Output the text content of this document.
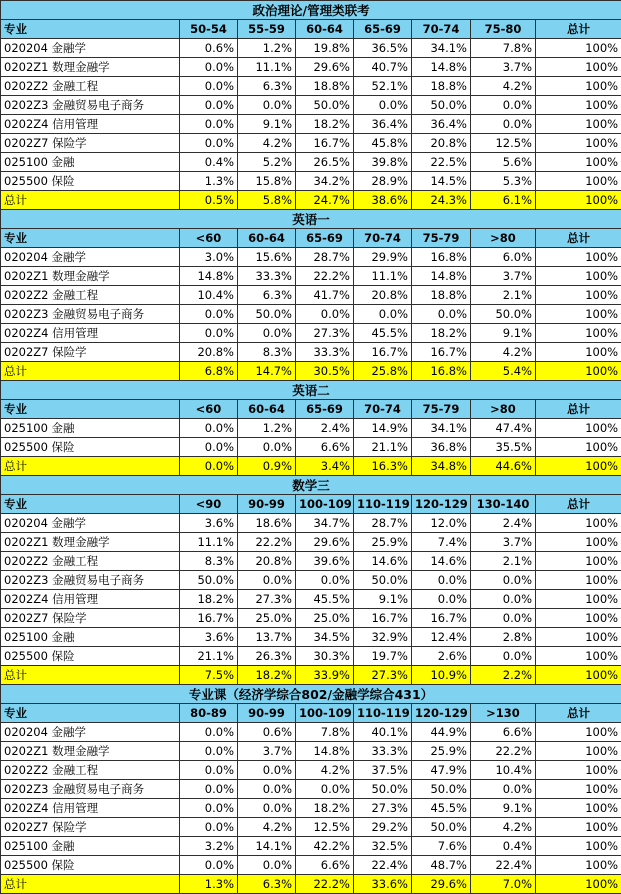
政治理论/管理类联考							
专业	50-54	55-59	60-64	65-69	70-74	75-80	总计
020204 金融学	0.6%	1.2%	19.8%	36.5%	34.1%	7.8%	100%
0202Z1 数理金融学	0.0%	11.1%	29.6%	40.7%	14.8%	3.7%	100%
0202Z2 金融工程	0.0%	6.3%	18.8%	52.1%	18.8%	4.2%	100%
0202Z3 金融贸易电子商务	0.0%	0.0%	50.0%	0.0%	50.0%	0.0%	100%
0202Z4 信用管理	0.0%	9.1%	18.2%	36.4%	36.4%	0.0%	100%
0202Z7 保险学	0.0%	4.2%	16.7%	45.8%	20.8%	12.5%	100%
025100 金融	0.4%	5.2%	26.5%	39.8%	22.5%	5.6%	100%
025500 保险	1.3%	15.8%	34.2%	28.9%	14.5%	5.3%	100%
总计	0.5%	5.8%	24.7%	38.6%	24.3%	6.1%	100%
英语一							
专业	<60	60-64	65-69	70-74	75-79	>80	总计
020204 金融学	3.0%	15.6%	28.7%	29.9%	16.8%	6.0%	100%
0202Z1 数理金融学	14.8%	33.3%	22.2%	11.1%	14.8%	3.7%	100%
0202Z2 金融工程	10.4%	6.3%	41.7%	20.8%	18.8%	2.1%	100%
0202Z3 金融贸易电子商务	0.0%	50.0%	0.0%	0.0%	0.0%	50.0%	100%
0202Z4 信用管理	0.0%	0.0%	27.3%	45.5%	18.2%	9.1%	100%
0202Z7 保险学	20.8%	8.3%	33.3%	16.7%	16.7%	4.2%	100%
总计	6.8%	14.7%	30.5%	25.8%	16.8%	5.4%	100%
英语二							
专业	<60	60-64	65-69	70-74	75-79	>80	总计
025100 金融	0.0%	1.2%	2.4%	14.9%	34.1%	47.4%	100%
025500 保险	0.0%	0.0%	6.6%	21.1%	36.8%	35.5%	100%
总计	0.0%	0.9%	3.4%	16.3%	34.8%	44.6%	100%
数学三							
专业	<90	90-99	100-109	110-119	120-129	130-140	总计
020204 金融学	3.6%	18.6%	34.7%	28.7%	12.0%	2.4%	100%
0202Z1 数理金融学	11.1%	22.2%	29.6%	25.9%	7.4%	3.7%	100%
0202Z2 金融工程	8.3%	20.8%	39.6%	14.6%	14.6%	2.1%	100%
0202Z3 金融贸易电子商务	50.0%	0.0%	0.0%	50.0%	0.0%	0.0%	100%
0202Z4 信用管理	18.2%	27.3%	45.5%	9.1%	0.0%	0.0%	100%
0202Z7 保险学	16.7%	25.0%	25.0%	16.7%	16.7%	0.0%	100%
025100 金融	3.6%	13.7%	34.5%	32.9%	12.4%	2.8%	100%
025500 保险	21.1%	26.3%	30.3%	19.7%	2.6%	0.0%	100%
总计	7.5%	18.2%	33.9%	27.3%	10.9%	2.2%	100%
专业课（经济学综合802/金融学综合431）							
专业	80-89	90-99	100-109	110-119	120-129	>130	总计
020204 金融学	0.0%	0.6%	7.8%	40.1%	44.9%	6.6%	100%
0202Z1 数理金融学	0.0%	3.7%	14.8%	33.3%	25.9%	22.2%	100%
0202Z2 金融工程	0.0%	0.0%	4.2%	37.5%	47.9%	10.4%	100%
0202Z3 金融贸易电子商务	0.0%	0.0%	0.0%	50.0%	50.0%	0.0%	100%
0202Z4 信用管理	0.0%	0.0%	18.2%	27.3%	45.5%	9.1%	100%
0202Z7 保险学	0.0%	4.2%	12.5%	29.2%	50.0%	4.2%	100%
025100 金融	3.2%	14.1%	42.2%	32.5%	7.6%	0.4%	100%
025500 保险	0.0%	0.0%	6.6%	22.4%	48.7%	22.4%	100%
总计	1.3%	6.3%	22.2%	33.6%	29.6%	7.0%	100%
